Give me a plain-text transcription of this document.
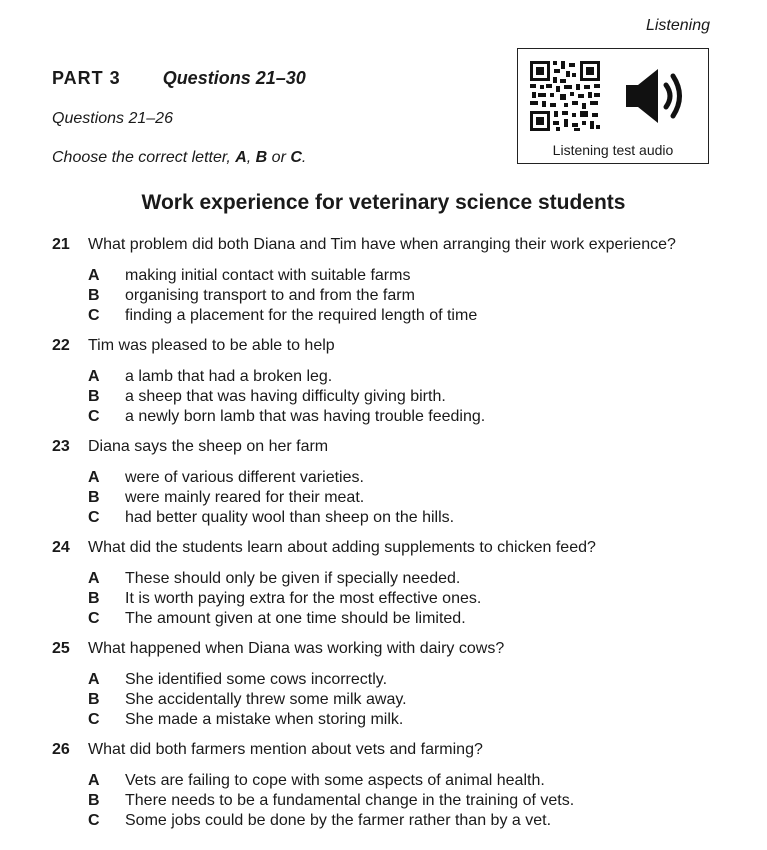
Listening
PART 3 Questions 21–30
Questions 21–26
Choose the correct letter, A, B or C.	Listening test audio
Work experience for veterinary science students
21 What problem did both Diana and Tim have when arranging their work experience?
A making initial contact with suitable farms
B organising transport to and from the farm
C finding a placement for the required length of time
22 Tim was pleased to be able to help
A a lamb that had a broken leg.
B a sheep that was having difficulty giving birth.
C a newly born lamb that was having trouble feeding.
23 Diana says the sheep on her farm
A were of various different varieties.
B were mainly reared for their meat.
C had better quality wool than sheep on the hills.
24 What did the students learn about adding supplements to chicken feed?
A These should only be given if specially needed.
B It is worth paying extra for the most effective ones.
C The amount given at one time should be limited.
25 What happened when Diana was working with dairy cows?
A She identified some cows incorrectly.
B She accidentally threw some milk away.
C She made a mistake when storing milk.
26 What did both farmers mention about vets and farming?
A Vets are failing to cope with some aspects of animal health.
B There needs to be a fundamental change in the training of vets.
C Some jobs could be done by the farmer rather than by a vet.
